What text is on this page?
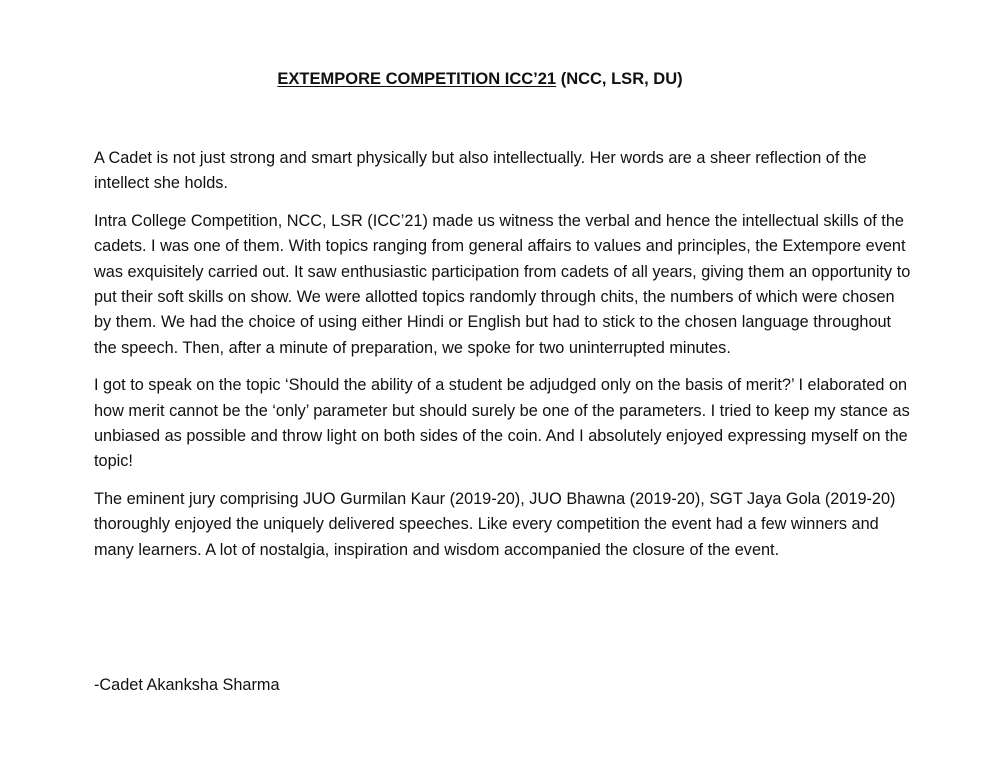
EXTEMPORE COMPETITION ICC’21 (NCC, LSR, DU)

A Cadet is not just strong and smart physically but also intellectually. Her words are a sheer reflection of the intellect she holds.

Intra College Competition, NCC, LSR (ICC’21) made us witness the verbal and hence the intellectual skills of the cadets. I was one of them. With topics ranging from general affairs to values and principles, the Extempore event was exquisitely carried out. It saw enthusiastic participation from cadets of all years, giving them an opportunity to put their soft skills on show. We were allotted topics randomly through chits, the numbers of which were chosen by them. We had the choice of using either Hindi or English but had to stick to the chosen language throughout the speech. Then, after a minute of preparation, we spoke for two uninterrupted minutes.

I got to speak on the topic ‘Should the ability of a student be adjudged only on the basis of merit?’ I elaborated on how merit cannot be the ‘only’ parameter but should surely be one of the parameters. I tried to keep my stance as unbiased as possible and throw light on both sides of the coin. And I absolutely enjoyed expressing myself on the topic!

The eminent jury comprising JUO Gurmilan Kaur (2019-20), JUO Bhawna (2019-20), SGT Jaya Gola (2019-20) thoroughly enjoyed the uniquely delivered speeches. Like every competition the event had a few winners and many learners. A lot of nostalgia, inspiration and wisdom accompanied the closure of the event.

-Cadet Akanksha Sharma
